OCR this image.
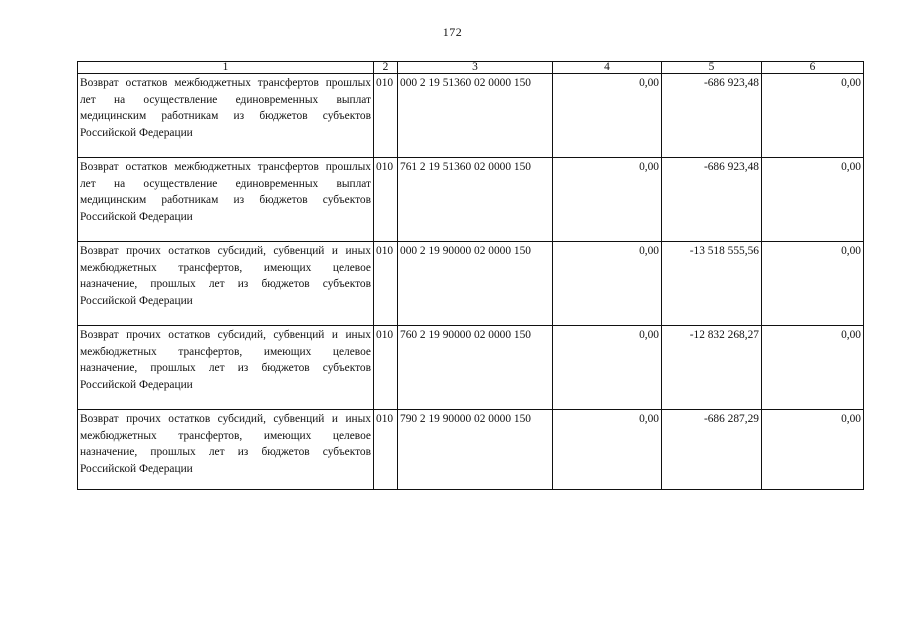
172
1	2	3	4	5	6
Возврат остатков межбюджетных трансфертов прошлых лет на осуществление единовременных выплат медицинским работникам из бюджетов субъектов Российской Федерации	010	000 2 19 51360 02 0000 150	0,00	-686 923,48	0,00
Возврат остатков межбюджетных трансфертов прошлых лет на осуществление единовременных выплат медицинским работникам из бюджетов субъектов Российской Федерации	010	761 2 19 51360 02 0000 150	0,00	-686 923,48	0,00
Возврат прочих остатков субсидий, субвенций и иных межбюджетных трансфертов, имеющих целевое назначение, прошлых лет из бюджетов субъектов Российской Федерации	010	000 2 19 90000 02 0000 150	0,00	-13 518 555,56	0,00
Возврат прочих остатков субсидий, субвенций и иных межбюджетных трансфертов, имеющих целевое назначение, прошлых лет из бюджетов субъектов Российской Федерации	010	760 2 19 90000 02 0000 150	0,00	-12 832 268,27	0,00
Возврат прочих остатков субсидий, субвенций и иных межбюджетных трансфертов, имеющих целевое назначение, прошлых лет из бюджетов субъектов Российской Федерации	010	790 2 19 90000 02 0000 150	0,00	-686 287,29	0,00
